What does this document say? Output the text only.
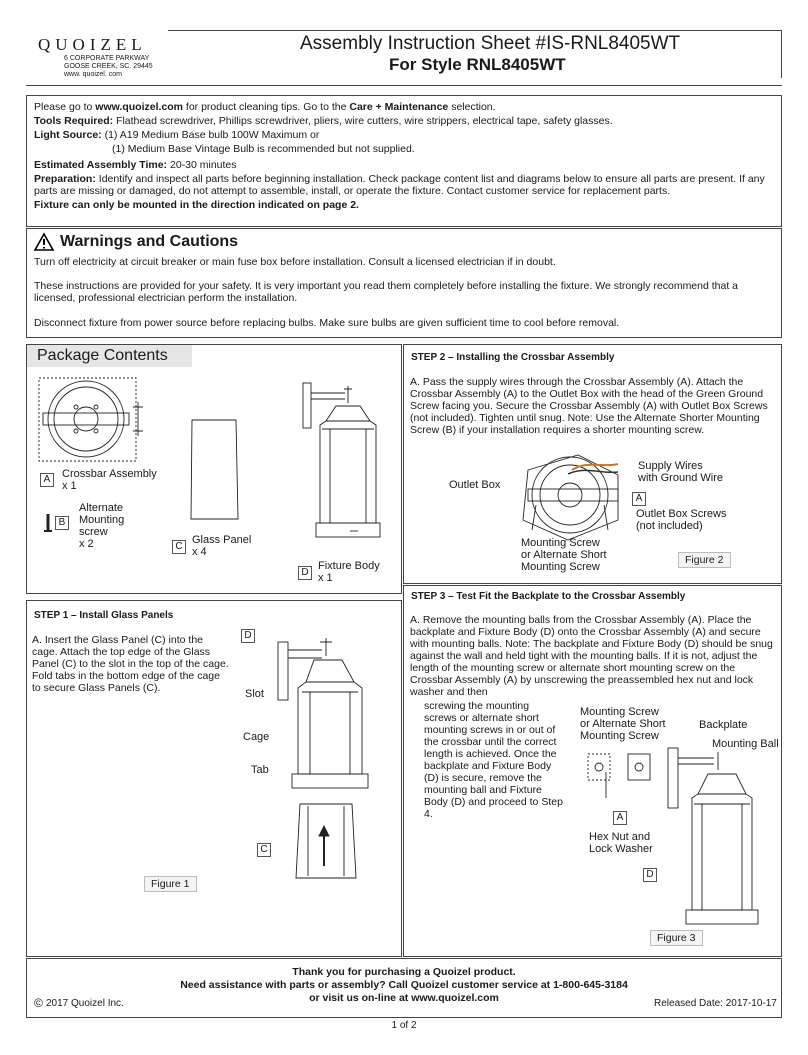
QUOIZEL
6 CORPORATE PARKWAY
GOOSE CREEK, SC. 29445
www. quoizel. com
Assembly Instruction Sheet #IS-RNL8405WT
For Style RNL8405WT
Please go to www.quoizel.com for product cleaning tips. Go to the Care + Maintenance selection.
Tools Required: Flathead screwdriver, Phillips screwdriver, pliers, wire cutters, wire strippers, electrical tape, safety glasses.
Light Source: (1) A19 Medium Base bulb 100W Maximum or
(1) Medium Base Vintage Bulb is recommended but not supplied.
Estimated Assembly Time: 20-30 minutes
Preparation: Identify and inspect all parts before beginning installation. Check package content list and diagrams below to ensure all parts are present. If any parts are missing or damaged, do not attempt to assemble, install, or operate the fixture. Contact customer service for replacement parts.
Fixture can only be mounted in the direction indicated on page 2.
Warnings and Cautions
Turn off electricity at circuit breaker or main fuse box before installation. Consult a licensed electrician if in doubt.
These instructions are provided for your safety. It is very important you read them completely before installing the fixture. We strongly recommend that a licensed, professional electrician perform the installation.
Disconnect fixture from power source before replacing bulbs. Make sure bulbs are given sufficient time to cool before removal.
Package Contents
A	Crossbar Assembly
x 1
B
Alternate
Mounting
screw
x 2	C
Glass Panel
x 4
D
Fixture Body
x 1
STEP 1 – Install Glass Panels
A. Insert the Glass Panel (C) into the cage. Attach the top edge of the Glass Panel (C) to the slot in the top of the cage. Fold tabs in the bottom edge of the cage to secure Glass Panels (C).
D
Slot
Cage
Tab
C
Figure 1
STEP 2 – Installing the Crossbar Assembly
A. Pass the supply wires through the Crossbar Assembly (A). Attach the Crossbar Assembly (A) to the Outlet Box with the head of the Green Ground Screw facing you. Secure the Crossbar Assembly (A) with Outlet Box Screws (not included). Tighten until snug. Note: Use the Alternate Shorter Mounting Screw (B) if your installation requires a shorter mounting screw.
Outlet Box
Supply Wires
with Ground Wire
A
Outlet Box Screws
(not included)
Mounting Screw
or Alternate Short
Mounting Screw
Figure 2
STEP 3 – Test Fit the Backplate to the Crossbar Assembly
A. Remove the mounting balls from the Crossbar Assembly (A). Place the backplate and Fixture Body (D) onto the Crossbar Assembly (A) and secure with mounting balls. Note: The backplate and Fixture Body (D) should be snug against the wall and held tight with the mounting balls. If it is not, adjust the length of the mounting screw or alternate short mounting screw on the Crossbar Assembly (A) by unscrewing the preassembled hex nut and lock washer and then
screwing the mounting screws or alternate short mounting screws in or out of the crossbar until the correct length is achieved. Once the backplate and Fixture Body (D) is secure, remove the mounting ball and Fixture Body (D) and proceed to Step 4.
Mounting Screw
or Alternate Short
Mounting Screw
Backplate
Mounting Ball
A
Hex Nut and
Lock Washer
D
Figure 3
Thank you for purchasing a Quoizel product.
Need assistance with parts or assembly? Call Quoizel customer service at 1-800-645-3184
or visit us on-line at www.quoizel.com
© 2017 Quoizel Inc.	Released Date: 2017-10-17
1 of 2
